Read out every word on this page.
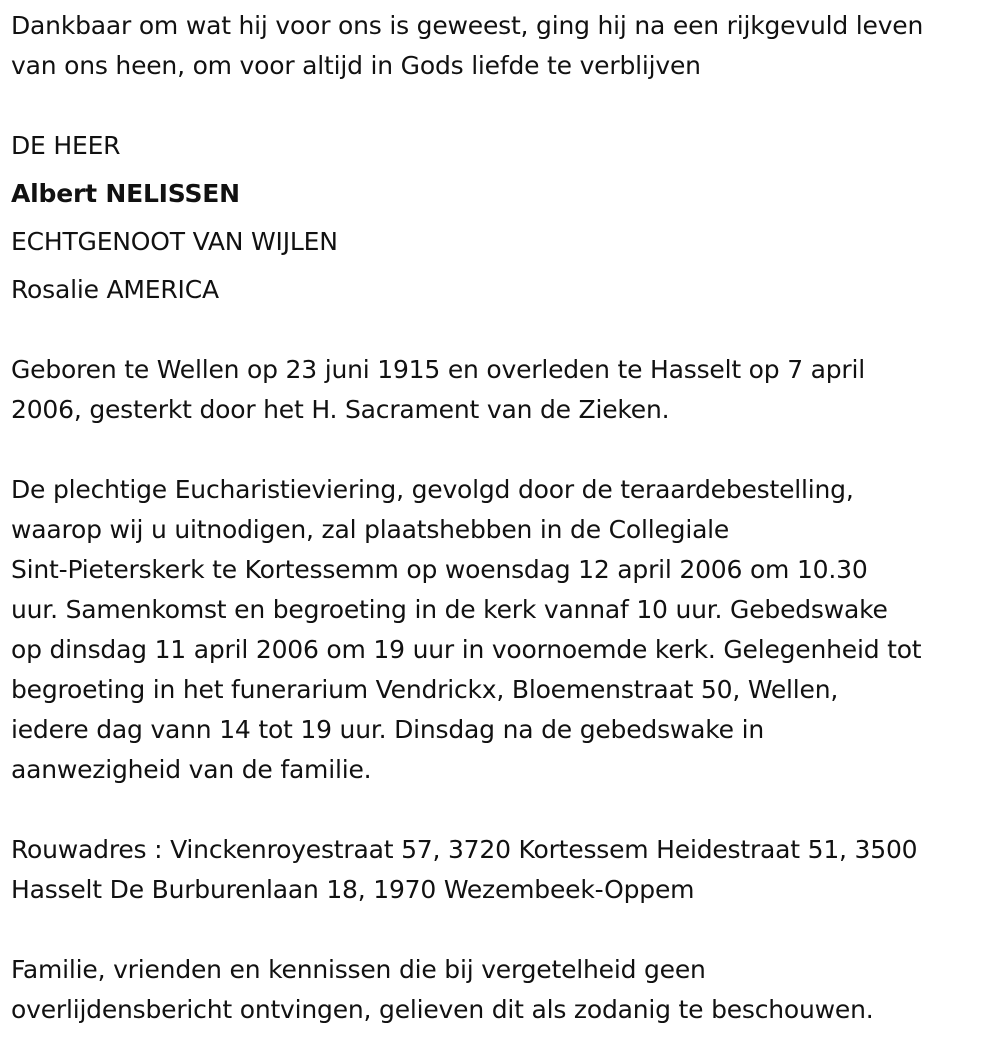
Dankbaar om wat hij voor ons is geweest, ging hij na een rijkgevuld leven
van ons heen, om voor altijd in Gods liefde te verblijven

DE HEER
Albert NELISSEN
ECHTGENOOT VAN WIJLEN
Rosalie AMERICA

Geboren te Wellen op 23 juni 1915 en overleden te Hasselt op 7 april
2006, gesterkt door het H. Sacrament van de Zieken.

De plechtige Eucharistieviering, gevolgd door de teraardebestelling,
waarop wij u uitnodigen, zal plaatshebben in de Collegiale
Sint-Pieterskerk te Kortessemm op woensdag 12 april 2006 om 10.30
uur. Samenkomst en begroeting in de kerk vannaf 10 uur. Gebedswake
op dinsdag 11 april 2006 om 19 uur in voornoemde kerk. Gelegenheid tot
begroeting in het funerarium Vendrickx, Bloemenstraat 50, Wellen,
iedere dag vann 14 tot 19 uur. Dinsdag na de gebedswake in
aanwezigheid van de familie.

Rouwadres : Vinckenroyestraat 57, 3720 Kortessem Heidestraat 51, 3500
Hasselt De Burburenlaan 18, 1970 Wezembeek-Oppem

Familie, vrienden en kennissen die bij vergetelheid geen
overlijdensbericht ontvingen, gelieven dit als zodanig te beschouwen.
